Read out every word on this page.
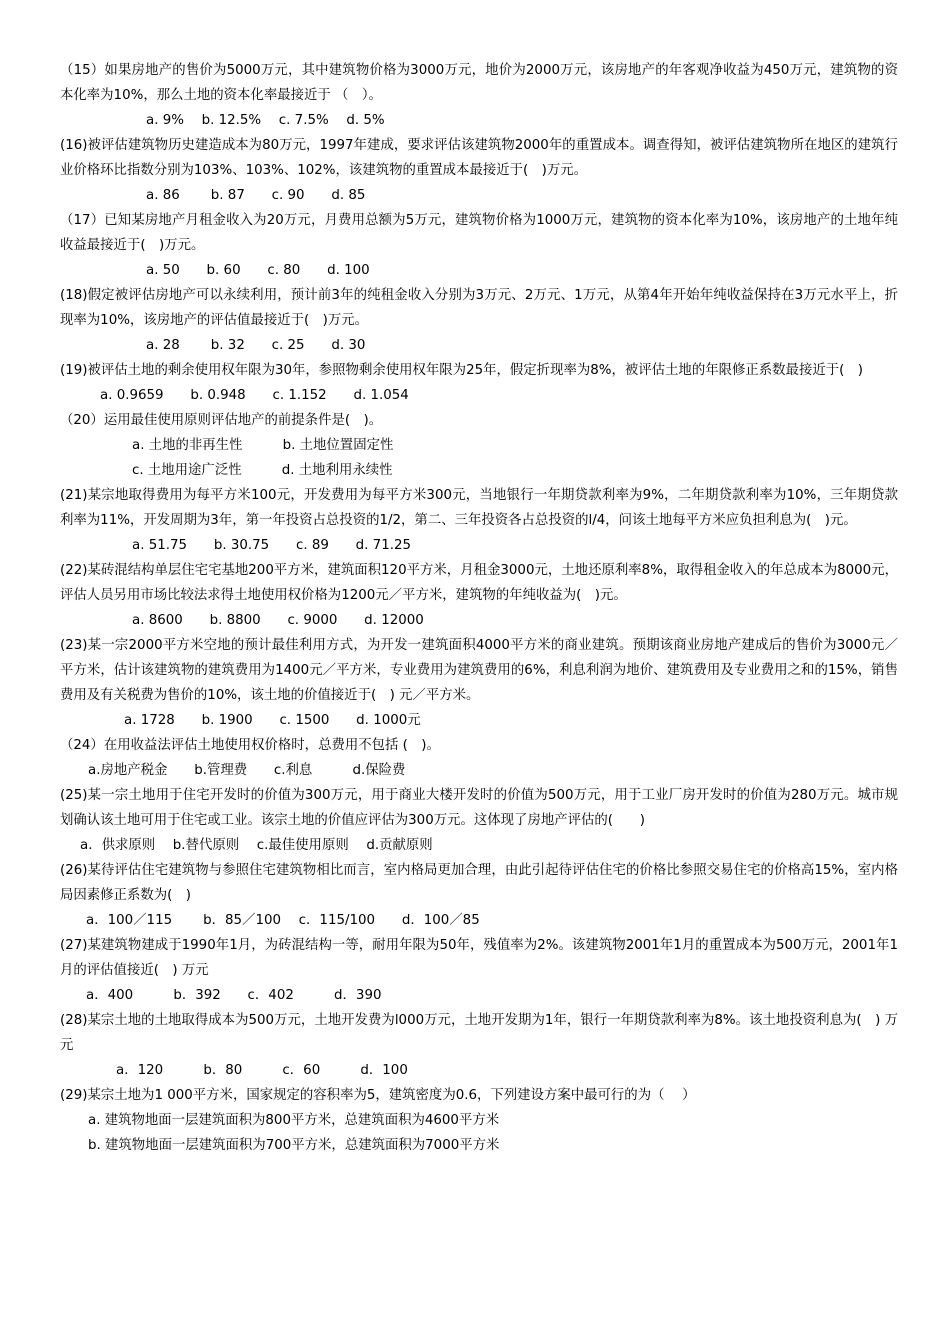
（15）如果房地产的售价为5000万元，其中建筑物价格为3000万元，地价为2000万元，该房地产的年客观净收益为450万元，建筑物的资本化率为10%，那么土地的资本化率最接近于 （　）。

a. 9%　 b. 12.5%　 c. 7.5%　 d. 5%

(16)被评估建筑物历史建造成本为80万元，1997年建成，要求评估该建筑物2000年的重置成本。调查得知，被评估建筑物所在地区的建筑行业价格环比指数分别为103%、103%、102%，该建筑物的重置成本最接近于(　)万元。

a. 86　　 b. 87　　c. 90　　d. 85

（17）已知某房地产月租金收入为20万元，月费用总额为5万元，建筑物价格为1000万元，建筑物的资本化率为10%，该房地产的土地年纯收益最接近于(　)万元。

a. 50　　b. 60　　c. 80　　d. 100

(18)假定被评估房地产可以永续利用，预计前3年的纯租金收入分别为3万元、2万元、1万元，从第4年开始年纯收益保持在3万元水平上，折现率为10%，该房地产的评估值最接近于(　)万元。

a. 28　　 b. 32　　c. 25　　d. 30

(19)被评估土地的剩余使用权年限为30年，参照物剩余使用权年限为25年，假定折现率为8%，被评估土地的年限修正系数最接近于(　)

a. 0.9659　　b. 0.948　　c. 1.152　　d. 1.054

（20）运用最佳使用原则评估地产的前提条件是(　)。

a. 土地的非再生性　　　b. 土地位置固定性

c. 土地用途广泛性　　　d. 土地利用永续性

(21)某宗地取得费用为每平方米100元，开发费用为每平方米300元，当地银行一年期贷款利率为9%，二年期贷款利率为10%，三年期贷款利率为11%，开发周期为3年，第一年投资占总投资的1/2，第二、三年投资各占总投资的l/4，问该土地每平方米应负担利息为(　)元。

a. 51.75　　b. 30.75　　c. 89　　d. 71.25

(22)某砖混结构单层住宅宅基地200平方米，建筑面积120平方米，月租金3000元，土地还原利率8%，取得租金收入的年总成本为8000元，评估人员另用市场比较法求得土地使用权价格为1200元／平方米，建筑物的年纯收益为(　)元。

a. 8600　　b. 8800　　c. 9000　　d. 12000

(23)某一宗2000平方米空地的预计最佳利用方式，为开发一建筑面积4000平方米的商业建筑。预期该商业房地产建成后的售价为3000元／平方米，估计该建筑物的建筑费用为1400元／平方米，专业费用为建筑费用的6%，利息利润为地价、建筑费用及专业费用之和的15%，销售费用及有关税费为售价的10%，该土地的价值接近于(　) 元／平方米。

a. 1728　　b. 1900　　c. 1500　　d. 1000元

（24）在用收益法评估土地使用权价格时，总费用不包括 (　)。

a.房地产税金　　b.管理费　　c.利息　　　d.保险费

(25)某一宗土地用于住宅开发时的价值为300万元，用于商业大楼开发时的价值为500万元，用于工业厂房开发时的价值为280万元。城市规划确认该土地可用于住宅或工业。该宗土地的价值应评估为300万元。这体现了房地产评估的(　　)

a．供求原则　 b.替代原则　 c.最佳使用原则　 d.贡献原则

(26)某待评估住宅建筑物与参照住宅建筑物相比而言，室内格局更加合理，由此引起待评估住宅的价格比参照交易住宅的价格高15%，室内格局因素修正系数为(　)

a．100／115　　 b．85／100　 c．115/100　　d．100／85

(27)某建筑物建成于1990年1月，为砖混结构一等，耐用年限为50年，残值率为2%。该建筑物2001年1月的重置成本为500万元，2001年1月的评估值接近(　) 万元

a．400　　　b．392　　c．402　　　d．390

(28)某宗土地的土地取得成本为500万元，土地开发费为l000万元，土地开发期为1年，银行一年期贷款利率为8%。该土地投资利息为(　) 万元

a．120　　　b．80　　　c．60　　　d．100

(29)某宗土地为1 000平方米，国家规定的容积率为5，建筑密度为0.6，下列建设方案中最可行的为（　 ）

a. 建筑物地面一层建筑面积为800平方米，总建筑面积为4600平方米

b. 建筑物地面一层建筑面积为700平方米，总建筑面积为7000平方米
